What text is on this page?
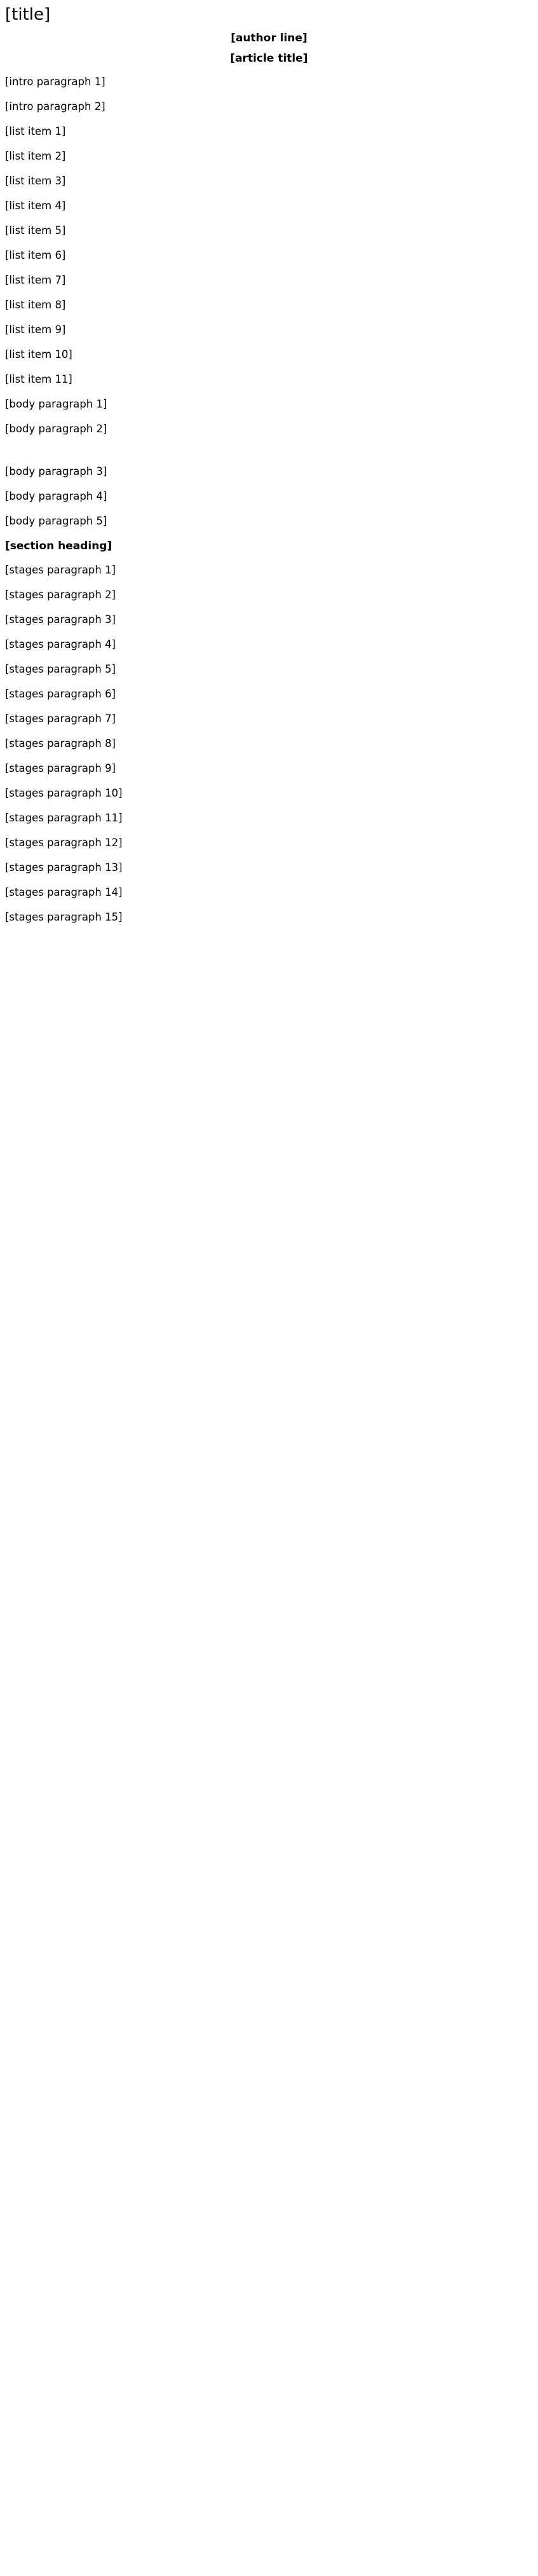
[title]
[author line]
[article title]

[intro paragraph 1]

[intro paragraph 2]

[list item 1]

[list item 2]

[list item 3]

[list item 4]

[list item 5]

[list item 6]

[list item 7]

[list item 8]

[list item 9]

[list item 10]

[list item 11]

[body paragraph 1]

[body paragraph 2]

[body paragraph 3]

[body paragraph 4]

[body paragraph 5]

[section heading]

[stages paragraph 1]

[stages paragraph 2]

[stages paragraph 3]

[stages paragraph 4]

[stages paragraph 5]

[stages paragraph 6]

[stages paragraph 7]

[stages paragraph 8]

[stages paragraph 9]

[stages paragraph 10]

[stages paragraph 11]

[stages paragraph 12]

[stages paragraph 13]

[stages paragraph 14]

[stages paragraph 15]
